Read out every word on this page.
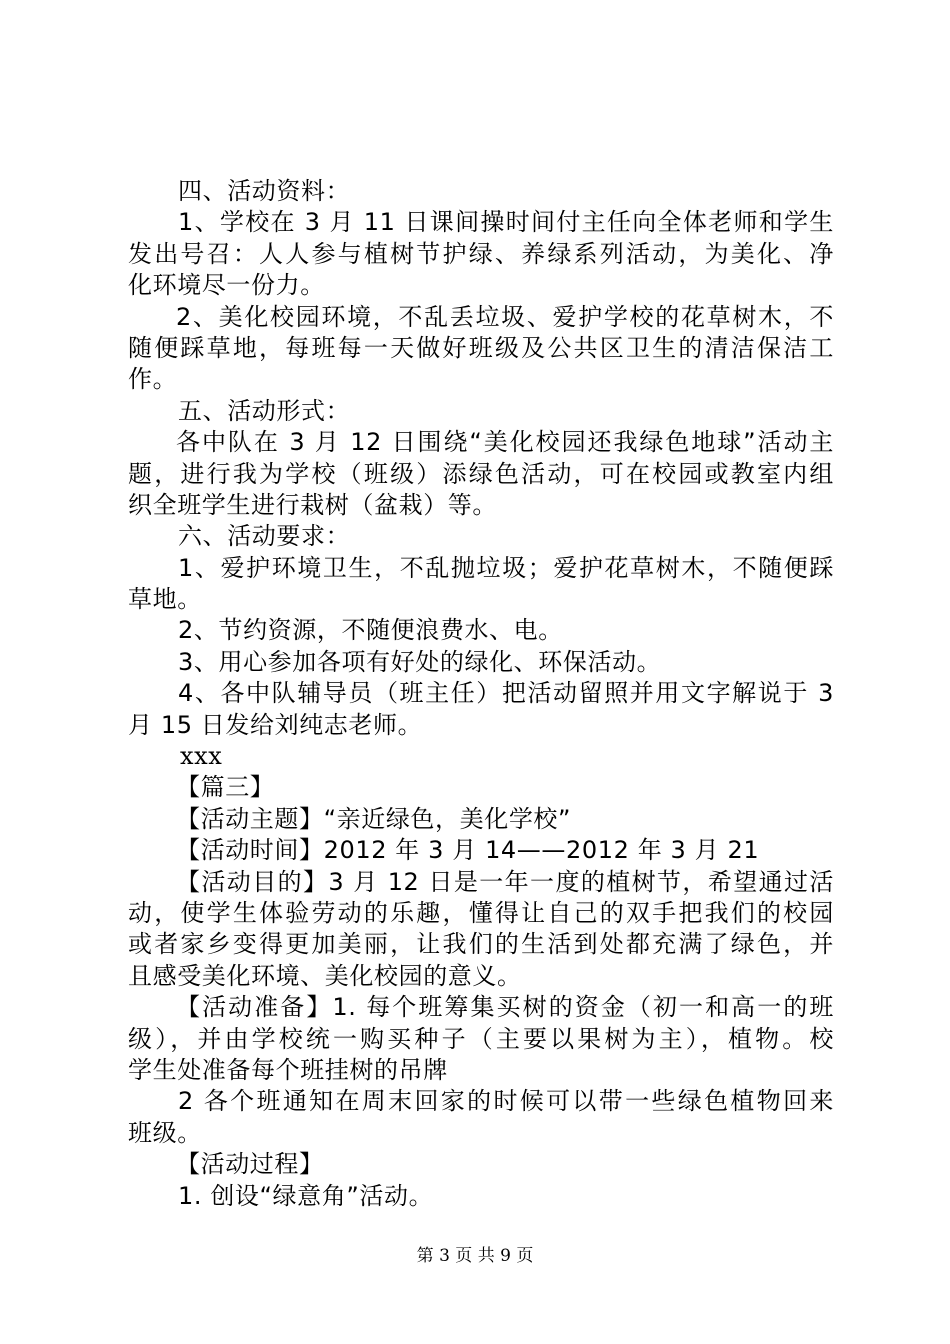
四、活动资料：
1、学校在 3 月 11 日课间操时间付主任向全体老师和学生
发出号召：人人参与植树节护绿、养绿系列活动，为美化、净
化环境尽一份力。
2、美化校园环境，不乱丢垃圾、爱护学校的花草树木，不
随便踩草地，每班每一天做好班级及公共区卫生的清洁保洁工
作。
五、活动形式：
各中队在 3 月 12 日围绕“美化校园还我绿色地球”活动主
题，进行我为学校（班级）添绿色活动，可在校园或教室内组
织全班学生进行栽树（盆栽）等。
六、活动要求：
1、爱护环境卫生，不乱抛垃圾；爱护花草树木，不随便踩
草地。
2、节约资源，不随便浪费水、电。
3、用心参加各项有好处的绿化、环保活动。
4、各中队辅导员（班主任）把活动留照并用文字解说于 3
月 15 日发给刘纯志老师。
xxx
【篇三】
【活动主题】“亲近绿色，美化学校”
【活动时间】2012 年 3 月 14——2012 年 3 月 21
【活动目的】3 月 12 日是一年一度的植树节，希望通过活
动，使学生体验劳动的乐趣，懂得让自己的双手把我们的校园
或者家乡变得更加美丽，让我们的生活到处都充满了绿色，并
且感受美化环境、美化校园的意义。
【活动准备】1. 每个班筹集买树的资金（初一和高一的班
级），并由学校统一购买种子（主要以果树为主），植物。校
学生处准备每个班挂树的吊牌
2 各个班通知在周末回家的时候可以带一些绿色植物回来
班级。
【活动过程】
1. 创设“绿意角”活动。
第 3 页 共 9 页
